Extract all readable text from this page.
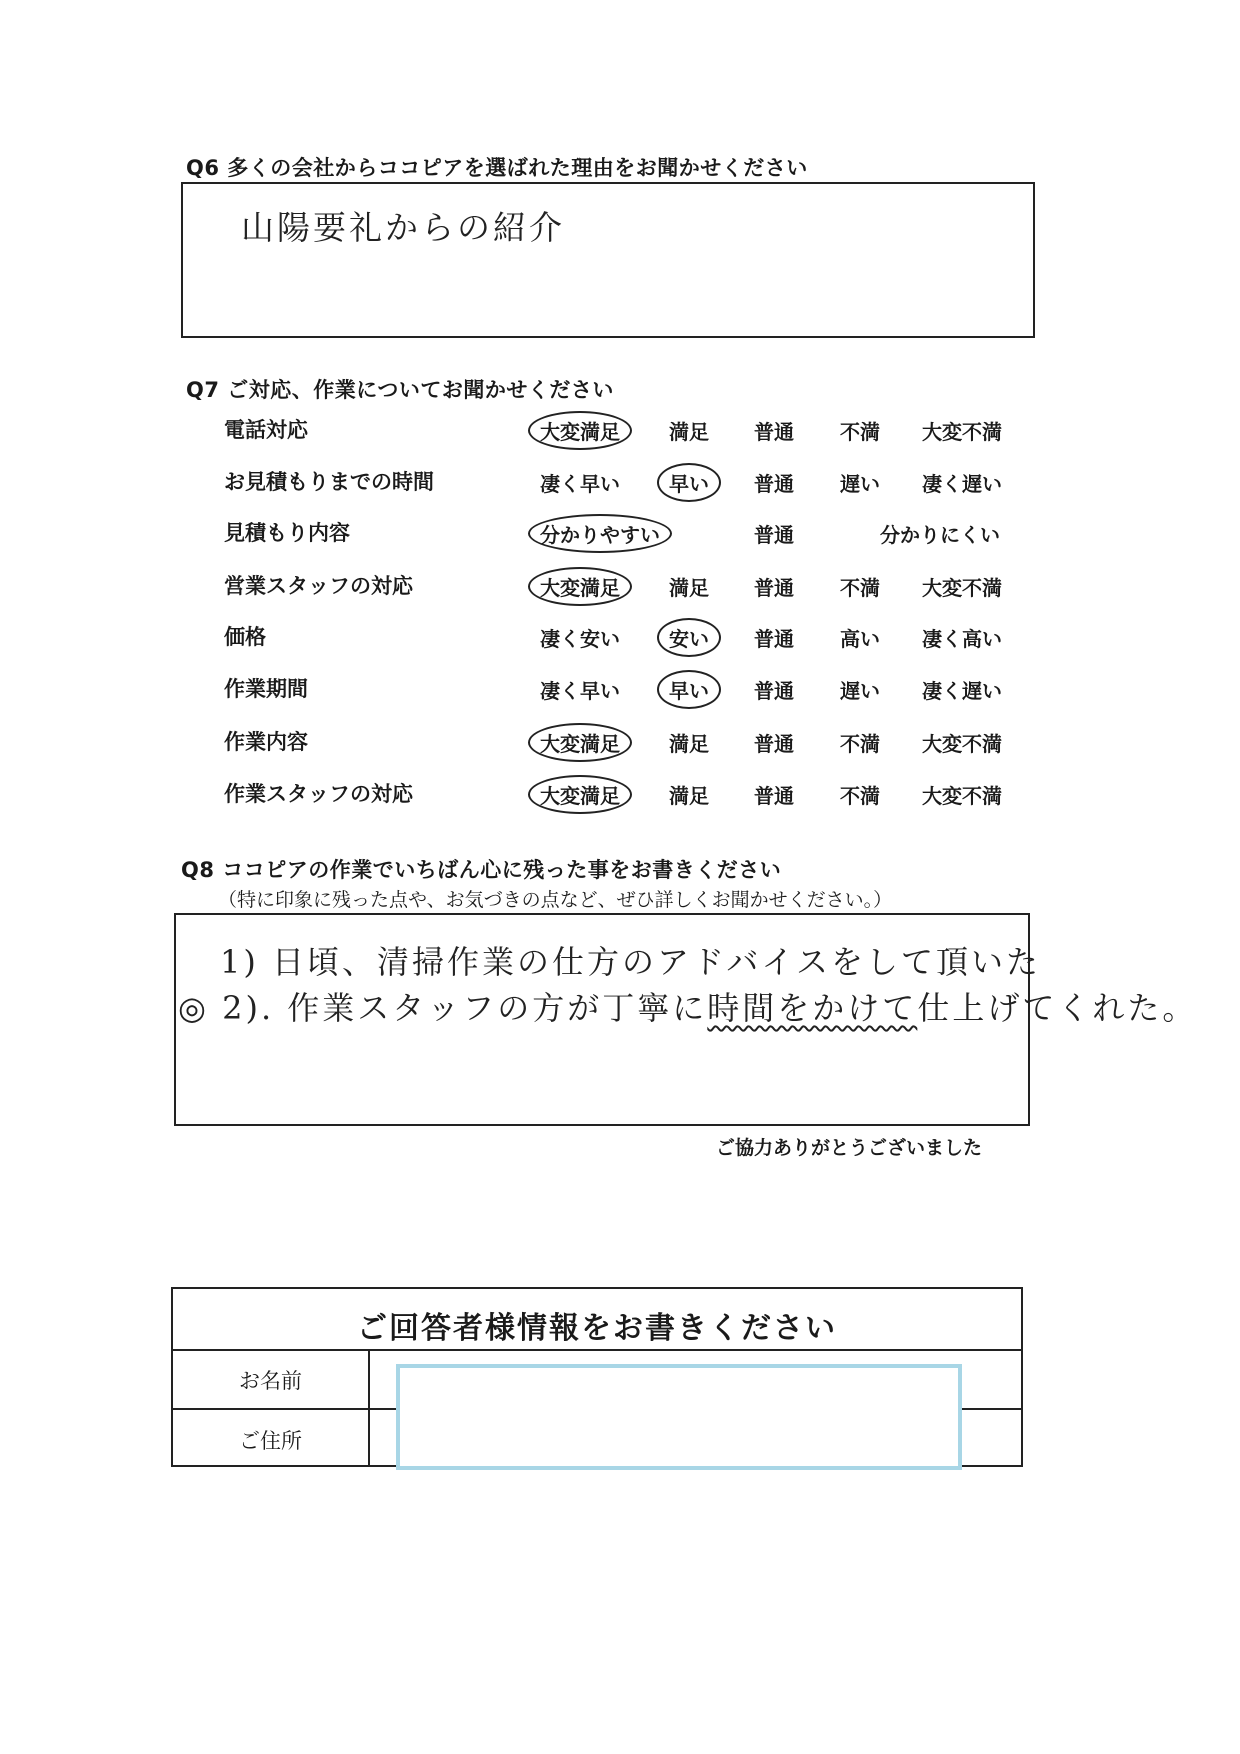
Q6 多くの会社からココピアを選ばれた理由をお聞かせください
山陽要礼からの紹介
Q7 ご対応、作業についてお聞かせください
電話対応	大変満足	満足 普通 不満 大変不満
お見積もりまでの時間	凄く早い	早い	普通 遅い 凄く遅い
見積もり内容	分かりやすい	普通	分かりにくい
営業スタッフの対応	大変満足	満足 普通 不満 大変不満
価格	凄く安い	安い	普通 高い 凄く高い
作業期間	凄く早い	早い	普通 遅い 凄く遅い
作業内容	大変満足	満足 普通 不満 大変不満
作業スタッフの対応	大変満足	満足 普通 不満 大変不満
Q8 ココピアの作業でいちばん心に残った事をお書きください
（特に印象に残った点や、お気づきの点など、ぜひ詳しくお聞かせください。）
1) 日頃、清掃作業の仕方のアドバイスをして頂いた
◎ 2). 作業スタッフの方が丁寧に時間をかけて仕上げてくれた。
ご協力ありがとうございました
ご回答者様情報をお書きください
お名前
ご住所
